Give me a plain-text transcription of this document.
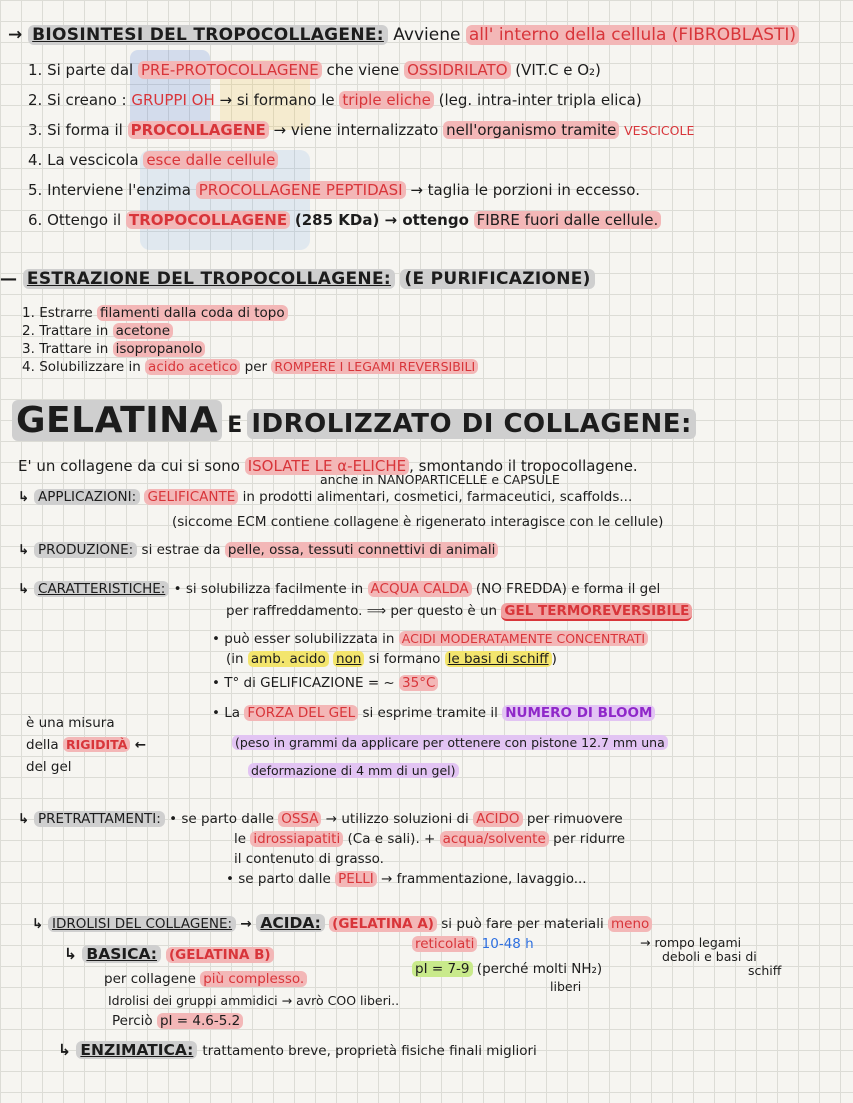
→ BIOSINTESI DEL TROPOCOLLAGENE: Avviene all' interno della cellula (FIBROBLASTI)
1. Si parte dal PRE-PROTOCOLLAGENE che viene OSSIDRILATO (VIT.C e O₂)
2. Si creano : GRUPPI OH → si formano le triple eliche (leg. intra-inter tripla elica)
3. Si forma il PROCOLLAGENE → viene internalizzato nell'organismo tramite VESCICOLE
4. La vescicola esce dalle cellule
5. Interviene l'enzima PROCOLLAGENE PEPTIDASI → taglia le porzioni in eccesso.
6. Ottengo il TROPOCOLLAGENE (285 KDa) → ottengo FIBRE fuori dalle cellule.
— ESTRAZIONE DEL TROPOCOLLAGENE: (E PURIFICAZIONE)
1. Estrarre filamenti dalla coda di topo
2. Trattare in acetone
3. Trattare in isopropanolo
4. Solubilizzare in acido acetico per ROMPERE I LEGAMI REVERSIBILI
GELATINA E IDROLIZZATO DI COLLAGENE:
E' un collagene da cui si sono ISOLATE LE α-ELICHE , smontando il tropocollagene.
anche in NANOPARTICELLE e CAPSULE
↳ APPLICAZIONI: GELIFICANTE in prodotti alimentari, cosmetici, farmaceutici, scaffolds...
(siccome ECM contiene collagene è rigenerato interagisce con le cellule)
↳ PRODUZIONE: si estrae da pelle, ossa, tessuti connettivi di animali
↳ CARATTERISTICHE: • si solubilizza facilmente in ACQUA CALDA (NO FREDDA) e forma il gel
per raffreddamento. ⟹ per questo è un GEL TERMOREVERSIBILE
• può esser solubilizzata in ACIDI MODERATAMENTE CONCENTRATI
(in amb. acido non si formano le basi di schiff )
• T° di GELIFICAZIONE = ~ 35°C
• La FORZA DEL GEL si esprime tramite il NUMERO DI BLOOM
(peso in grammi da applicare per ottenere con pistone 12.7 mm una
deformazione di 4 mm di un gel)
è una misura
della RIGIDITÀ ←
del gel
↳ PRETRATTAMENTI: • se parto dalle OSSA → utilizzo soluzioni di ACIDO per rimuovere
le idrossiapatiti (Ca e sali). + acqua/solvente per ridurre
il contenuto di grasso.
• se parto dalle PELLI → frammentazione, lavaggio...
↳ IDROLISI DEL COLLAGENE: → ACIDA: (GELATINA A) si può fare per materiali meno
reticolati 10-48 h	→ rompo legami
deboli e basi di
schiff
pI = 7-9 (perché molti NH₂)
liberi
↳ BASICA: (GELATINA B)
per collagene più complesso.
Idrolisi dei gruppi ammidici → avrò COO liberi..
Perciò pI = 4.6-5.2
↳ ENZIMATICA: trattamento breve, proprietà fisiche finali migliori
